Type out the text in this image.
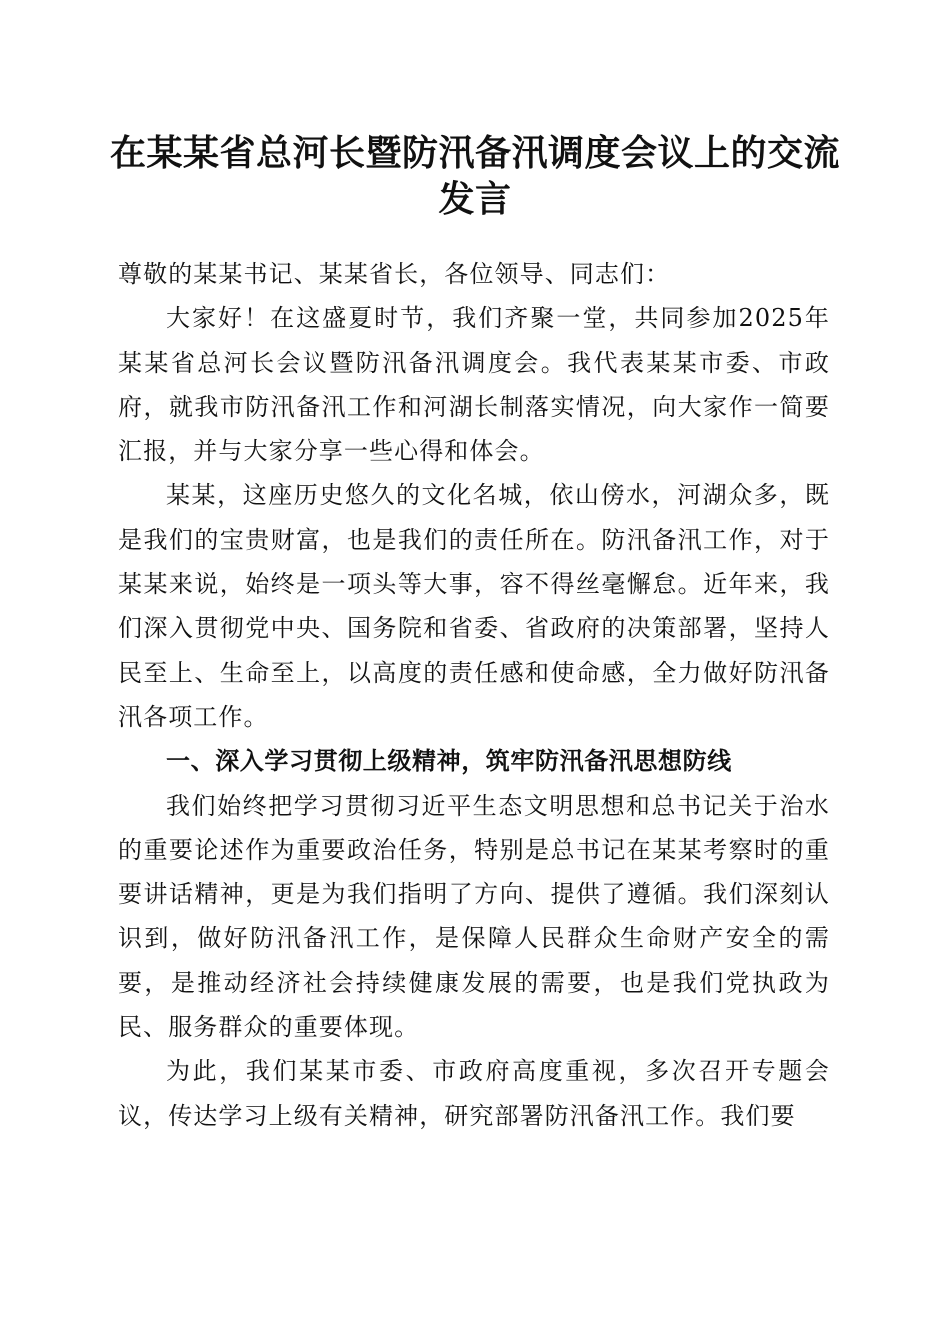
在某某省总河长暨防汛备汛调度会议上的交流
发言

尊敬的某某书记、某某省长，各位领导、同志们：

大家好！在这盛夏时节，我们齐聚一堂，共同参加2025年某某省总河长会议暨防汛备汛调度会。我代表某某市委、市政府，就我市防汛备汛工作和河湖长制落实情况，向大家作一简要汇报，并与大家分享一些心得和体会。

某某，这座历史悠久的文化名城，依山傍水，河湖众多，既是我们的宝贵财富，也是我们的责任所在。防汛备汛工作，对于某某来说，始终是一项头等大事，容不得丝毫懈怠。近年来，我们深入贯彻党中央、国务院和省委、省政府的决策部署，坚持人民至上、生命至上，以高度的责任感和使命感，全力做好防汛备汛各项工作。

一、深入学习贯彻上级精神，筑牢防汛备汛思想防线

我们始终把学习贯彻习近平生态文明思想和总书记关于治水的重要论述作为重要政治任务，特别是总书记在某某考察时的重要讲话精神，更是为我们指明了方向、提供了遵循。我们深刻认识到，做好防汛备汛工作，是保障人民群众生命财产安全的需要，是推动经济社会持续健康发展的需要，也是我们党执政为民、服务群众的重要体现。

为此，我们某某市委、市政府高度重视，多次召开专题会议，传达学习上级有关精神，研究部署防汛备汛工作。我们要
